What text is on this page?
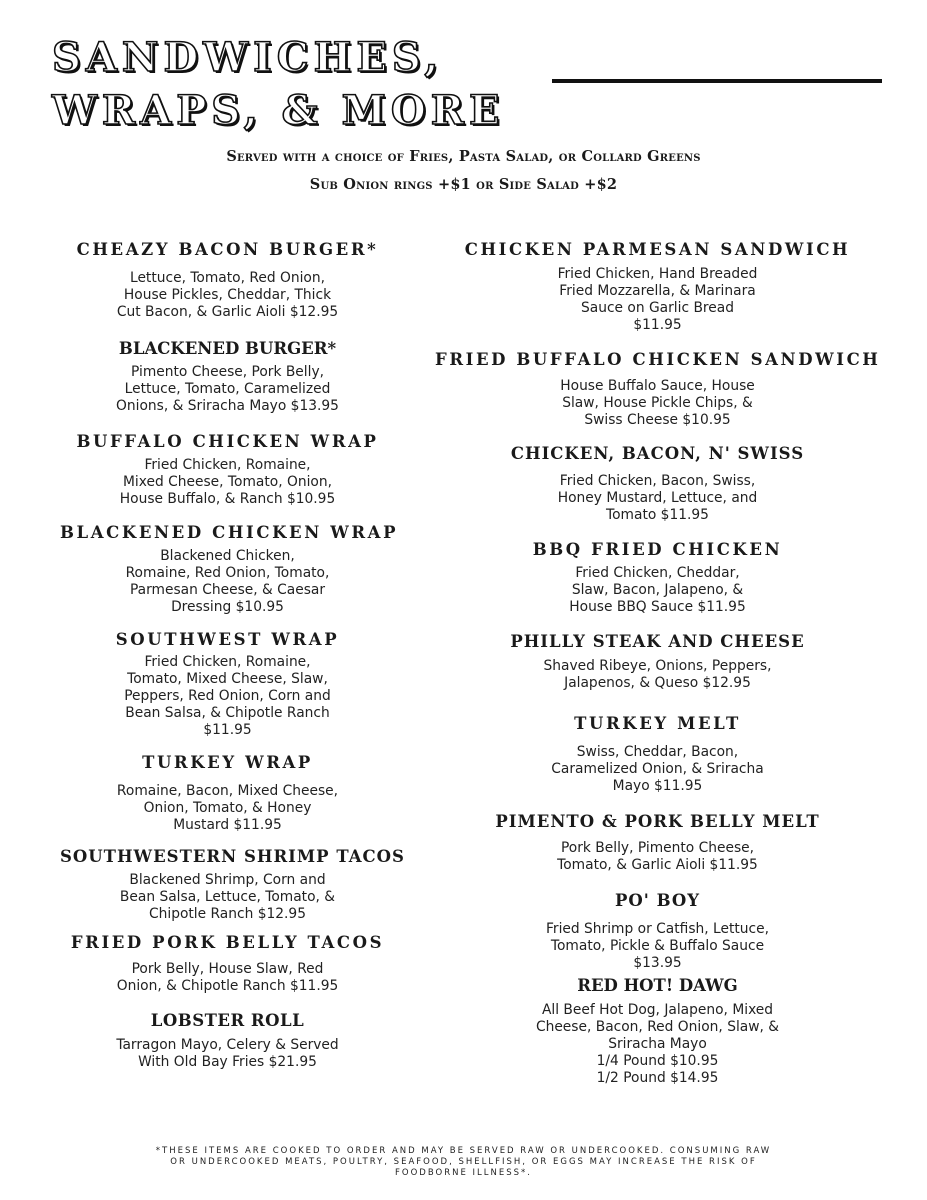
SANDWICHES,
WRAPS, & MORE
Served with a choice of Fries, Pasta Salad, or Collard Greens
Sub Onion rings +$1 or Side Salad +$2
CHEAZY BACON BURGER*
Lettuce, Tomato, Red Onion,
House Pickles, Cheddar, Thick
Cut Bacon, & Garlic Aioli $12.95
BLACKENED BURGER*
Pimento Cheese, Pork Belly,
Lettuce, Tomato, Caramelized
Onions, & Sriracha Mayo $13.95
BUFFALO CHICKEN WRAP
Fried Chicken, Romaine,
Mixed Cheese, Tomato, Onion,
House Buffalo, & Ranch $10.95
BLACKENED CHICKEN WRAP
Blackened Chicken,
Romaine, Red Onion, Tomato,
Parmesan Cheese, & Caesar
Dressing $10.95
SOUTHWEST WRAP
Fried Chicken, Romaine,
Tomato, Mixed Cheese, Slaw,
Peppers, Red Onion, Corn and
Bean Salsa, & Chipotle Ranch
$11.95
TURKEY WRAP
Romaine, Bacon, Mixed Cheese,
Onion, Tomato, & Honey
Mustard $11.95
SOUTHWESTERN SHRIMP TACOS
Blackened Shrimp, Corn and
Bean Salsa, Lettuce, Tomato, &
Chipotle Ranch $12.95
FRIED PORK BELLY TACOS
Pork Belly, House Slaw, Red
Onion, & Chipotle Ranch $11.95
LOBSTER ROLL
Tarragon Mayo, Celery & Served
With Old Bay Fries $21.95
CHICKEN PARMESAN SANDWICH
Fried Chicken, Hand Breaded
Fried Mozzarella, & Marinara
Sauce on Garlic Bread
$11.95
FRIED BUFFALO CHICKEN SANDWICH
House Buffalo Sauce, House
Slaw, House Pickle Chips, &
Swiss Cheese $10.95
CHICKEN, BACON, N' SWISS
Fried Chicken, Bacon, Swiss,
Honey Mustard, Lettuce, and
Tomato $11.95
BBQ FRIED CHICKEN
Fried Chicken, Cheddar,
Slaw, Bacon, Jalapeno, &
House BBQ Sauce $11.95
PHILLY STEAK AND CHEESE
Shaved Ribeye, Onions, Peppers,
Jalapenos, & Queso $12.95
TURKEY MELT
Swiss, Cheddar, Bacon,
Caramelized Onion, & Sriracha
Mayo $11.95
PIMENTO & PORK BELLY MELT
Pork Belly, Pimento Cheese,
Tomato, & Garlic Aioli $11.95
PO' BOY
Fried Shrimp or Catfish, Lettuce,
Tomato, Pickle & Buffalo Sauce
$13.95
RED HOT! DAWG
All Beef Hot Dog, Jalapeno, Mixed
Cheese, Bacon, Red Onion, Slaw, &
Sriracha Mayo
1/4 Pound $10.95
1/2 Pound $14.95
*THESE ITEMS ARE COOKED TO ORDER AND MAY BE SERVED RAW OR UNDERCOOKED. CONSUMING RAW
OR UNDERCOOKED MEATS, POULTRY, SEAFOOD, SHELLFISH, OR EGGS MAY INCREASE THE RISK OF
FOODBORNE ILLNESS*.
